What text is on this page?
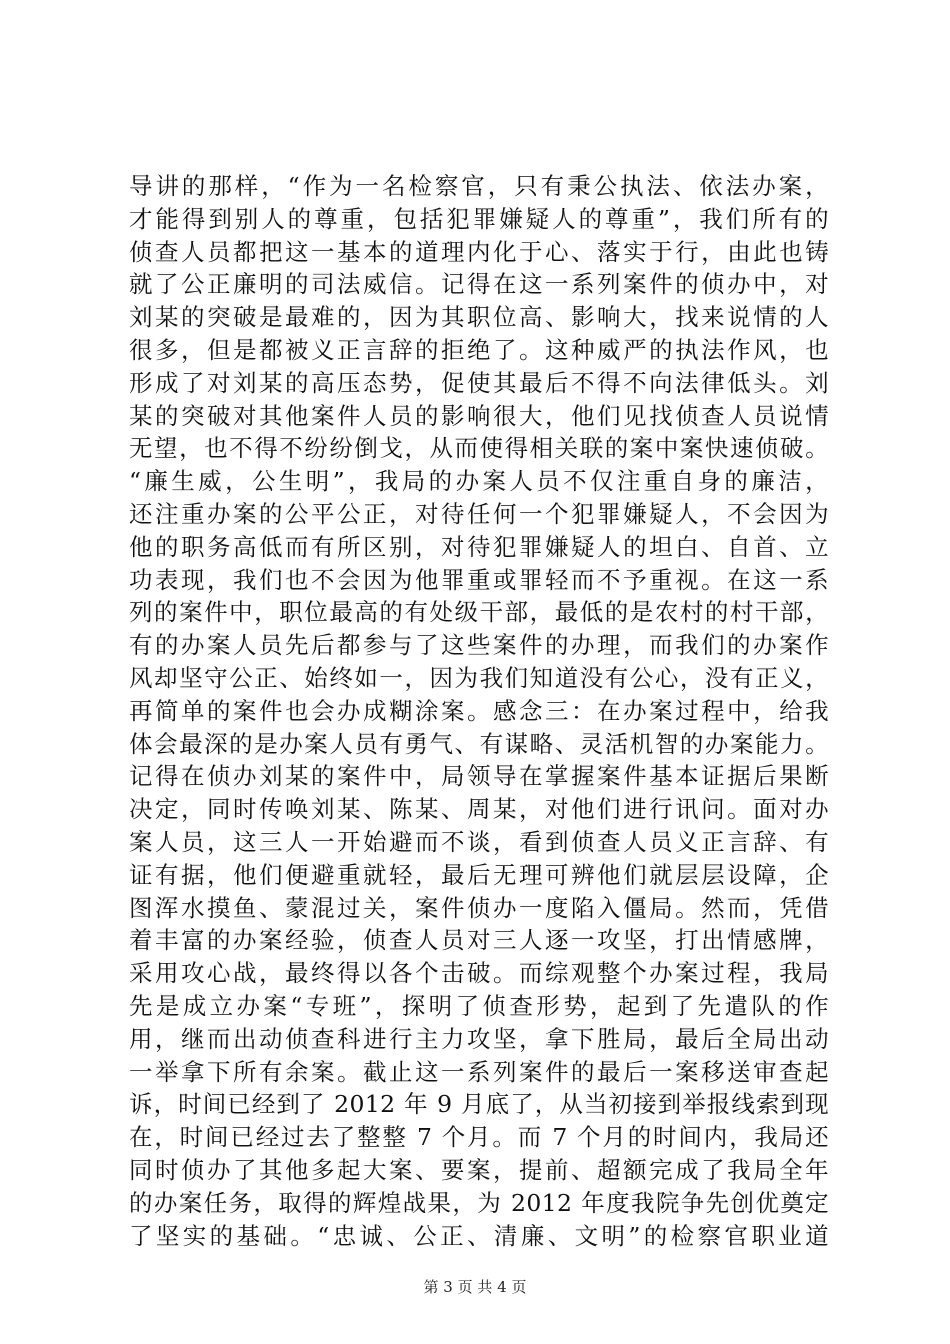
导讲的那样，“作为一名检察官，只有秉公执法、依法办案，
才能得到别人的尊重，包括犯罪嫌疑人的尊重”，我们所有的
侦查人员都把这一基本的道理内化于心、落实于行，由此也铸
就了公正廉明的司法威信。记得在这一系列案件的侦办中，对
刘某的突破是最难的，因为其职位高、影响大，找来说情的人
很多，但是都被义正言辞的拒绝了。这种威严的执法作风，也
形成了对刘某的高压态势，促使其最后不得不向法律低头。刘
某的突破对其他案件人员的影响很大，他们见找侦查人员说情
无望，也不得不纷纷倒戈，从而使得相关联的案中案快速侦破。
“廉生威，公生明”，我局的办案人员不仅注重自身的廉洁，
还注重办案的公平公正，对待任何一个犯罪嫌疑人，不会因为
他的职务高低而有所区别，对待犯罪嫌疑人的坦白、自首、立
功表现，我们也不会因为他罪重或罪轻而不予重视。在这一系
列的案件中，职位最高的有处级干部，最低的是农村的村干部，
有的办案人员先后都参与了这些案件的办理，而我们的办案作
风却坚守公正、始终如一，因为我们知道没有公心，没有正义，
再简单的案件也会办成糊涂案。感念三：在办案过程中，给我
体会最深的是办案人员有勇气、有谋略、灵活机智的办案能力。
记得在侦办刘某的案件中，局领导在掌握案件基本证据后果断
决定，同时传唤刘某、陈某、周某，对他们进行讯问。面对办
案人员，这三人一开始避而不谈，看到侦查人员义正言辞、有
证有据，他们便避重就轻，最后无理可辨他们就层层设障，企
图浑水摸鱼、蒙混过关，案件侦办一度陷入僵局。然而，凭借
着丰富的办案经验，侦查人员对三人逐一攻坚，打出情感牌，
采用攻心战，最终得以各个击破。而综观整个办案过程，我局
先是成立办案“专班”，探明了侦查形势，起到了先遣队的作
用，继而出动侦查科进行主力攻坚，拿下胜局，最后全局出动
一举拿下所有余案。截止这一系列案件的最后一案移送审查起
诉，时间已经到了 2012 年 9 月底了，从当初接到举报线索到现
在，时间已经过去了整整 7 个月。而 7 个月的时间内，我局还
同时侦办了其他多起大案、要案，提前、超额完成了我局全年
的办案任务，取得的辉煌战果，为 2012 年度我院争先创优奠定
了坚实的基础。“忠诚、公正、清廉、文明”的检察官职业道
第 3 页 共 4 页
